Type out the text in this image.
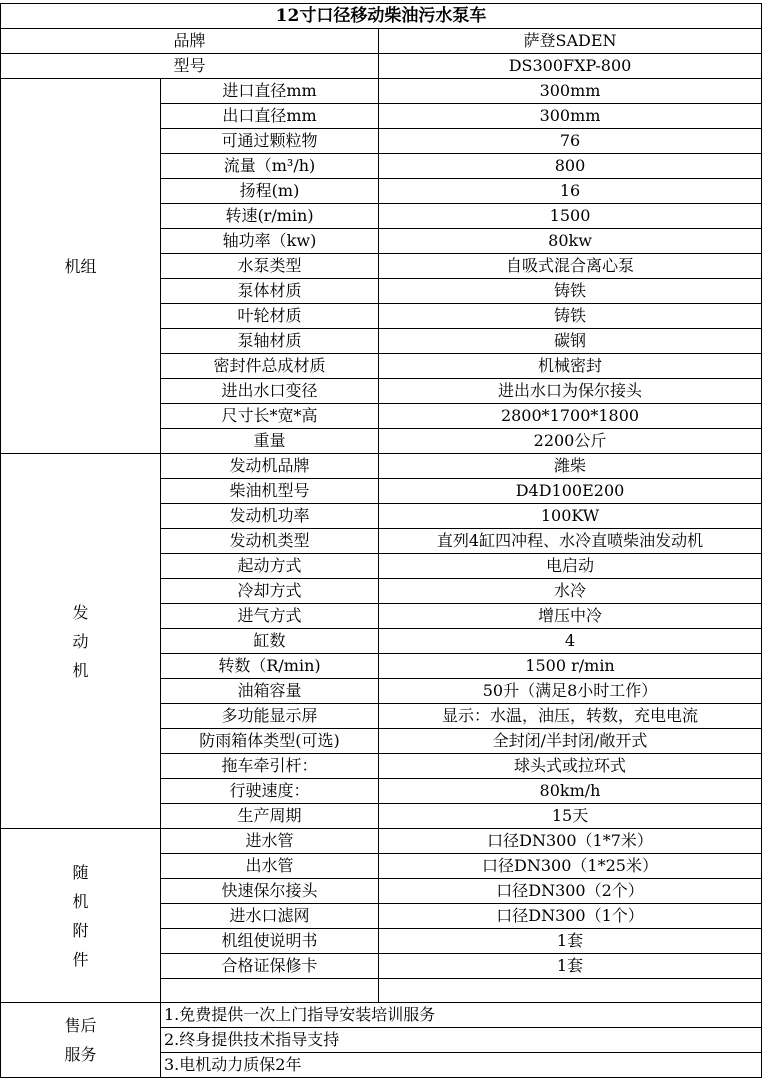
12寸口径移动柴油污水泵车		
品牌		萨登SADEN
型号		DS300FXP-800
机组	进口直径mm	300mm
	出口直径mm	300mm
	可通过颗粒物	76
	流量（m³/h)	800
	扬程(m)	16
	转速(r/min)	1500
	轴功率（kw)	80kw
	水泵类型	自吸式混合离心泵
	泵体材质	铸铁
	叶轮材质	铸铁
	泵轴材质	碳钢
	密封件总成材质	机械密封
	进出水口变径	进出水口为保尔接头
	尺寸长*宽*高	2800*1700*1800
	重量	2200公斤
发
动
机	发动机品牌	潍柴
	柴油机型号	D4D100E200
	发动机功率	100KW
	发动机类型	直列4缸四冲程、水冷直喷柴油发动机
	起动方式	电启动
	冷却方式	水冷
	进气方式	增压中冷
	缸数	4
	转数（R/min)	1500 r/min
	油箱容量	50升（满足8小时工作）
	多功能显示屏	显示：水温，油压，转数，充电电流
	防雨箱体类型(可选)	全封闭/半封闭/敞开式
	拖车牵引杆：	球头式或拉环式
	行驶速度：	80km/h
	生产周期	15天
随
机
附
件	进水管	口径DN300（1*7米）
	出水管	口径DN300（1*25米）
	快速保尔接头	口径DN300（2个）
	进水口滤网	口径DN300（1个）
	机组使说明书	1套
	合格证保修卡	1套

售后
服务	1.免费提供一次上门指导安装培训服务	
	2.终身提供技术指导支持	
	3.电机动力质保2年	
